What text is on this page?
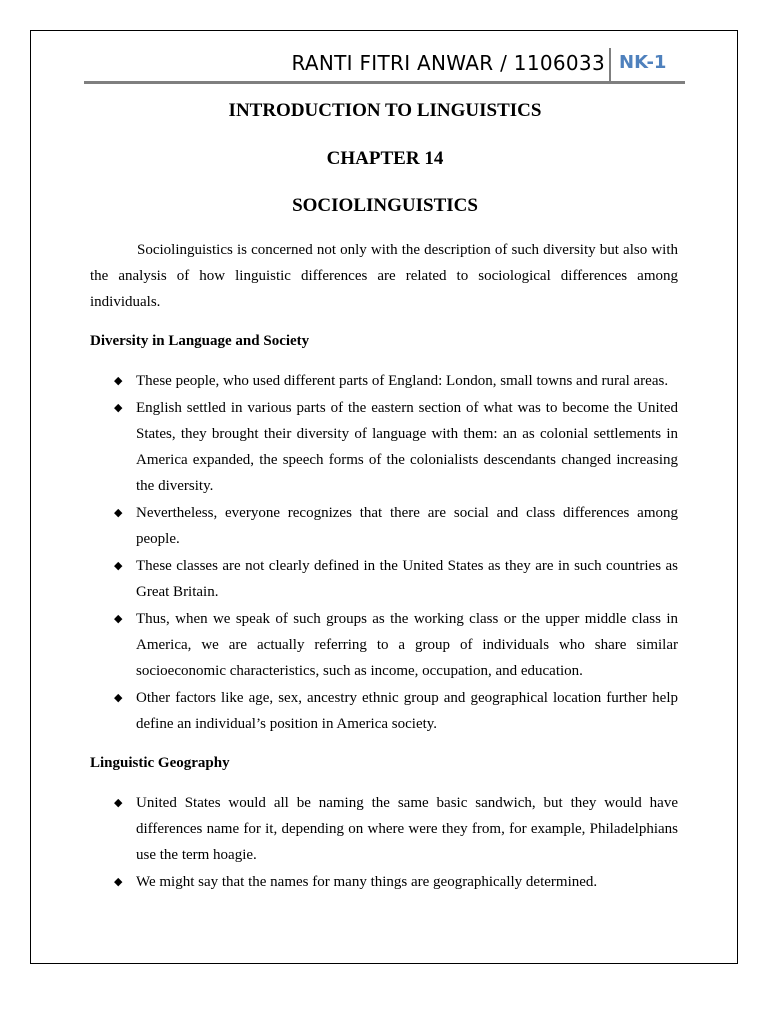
RANTI FITRI ANWAR / 1106033 NK-1
INTRODUCTION TO LINGUISTICS
CHAPTER 14
SOCIOLINGUISTICS

Sociolinguistics is concerned not only with the description of such diversity but also with the analysis of how linguistic differences are related to sociological differences among individuals.

Diversity in Language and Society

◆ These people, who used different parts of England: London, small towns and rural areas.
◆ English settled in various parts of the eastern section of what was to become the United States, they brought their diversity of language with them: an as colonial settlements in America expanded, the speech forms of the colonialists descendants changed increasing the diversity.
◆ Nevertheless, everyone recognizes that there are social and class differences among people.
◆ These classes are not clearly defined in the United States as they are in such countries as Great Britain.
◆ Thus, when we speak of such groups as the working class or the upper middle class in America, we are actually referring to a group of individuals who share similar socioeconomic characteristics, such as income, occupation, and education.
◆ Other factors like age, sex, ancestry ethnic group and geographical location further help define an individual’s position in America society.

Linguistic Geography

◆ United States would all be naming the same basic sandwich, but they would have differences name for it, depending on where were they from, for example, Philadelphians use the term hoagie.
◆ We might say that the names for many things are geographically determined.
